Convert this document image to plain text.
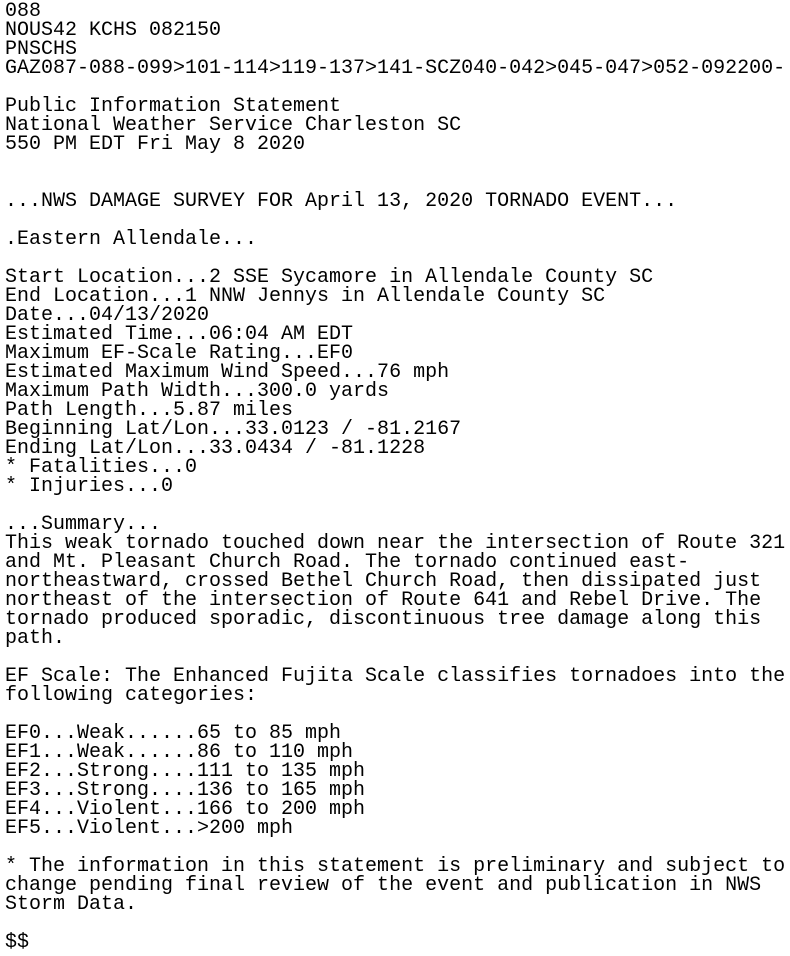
088
NOUS42 KCHS 082150
PNSCHS
GAZ087-088-099>101-114>119-137>141-SCZ040-042>045-047>052-092200-
Public Information Statement
National Weather Service Charleston SC
550 PM EDT Fri May 8 2020
...NWS DAMAGE SURVEY FOR April 13, 2020 TORNADO EVENT...
.Eastern Allendale...
Start Location...2 SSE Sycamore in Allendale County SC
End Location...1 NNW Jennys in Allendale County SC
Date...04/13/2020
Estimated Time...06:04 AM EDT
Maximum EF-Scale Rating...EF0
Estimated Maximum Wind Speed...76 mph
Maximum Path Width...300.0 yards
Path Length...5.87 miles
Beginning Lat/Lon...33.0123 / -81.2167
Ending Lat/Lon...33.0434 / -81.1228
* Fatalities...0
* Injuries...0
...Summary...
This weak tornado touched down near the intersection of Route 321
and Mt. Pleasant Church Road. The tornado continued east-
northeastward, crossed Bethel Church Road, then dissipated just
northeast of the intersection of Route 641 and Rebel Drive. The
tornado produced sporadic, discontinuous tree damage along this
path.
EF Scale: The Enhanced Fujita Scale classifies tornadoes into the
following categories:
EF0...Weak......65 to 85 mph
EF1...Weak......86 to 110 mph
EF2...Strong....111 to 135 mph
EF3...Strong....136 to 165 mph
EF4...Violent...166 to 200 mph
EF5...Violent...>200 mph
* The information in this statement is preliminary and subject to
change pending final review of the event and publication in NWS
Storm Data.
$$
